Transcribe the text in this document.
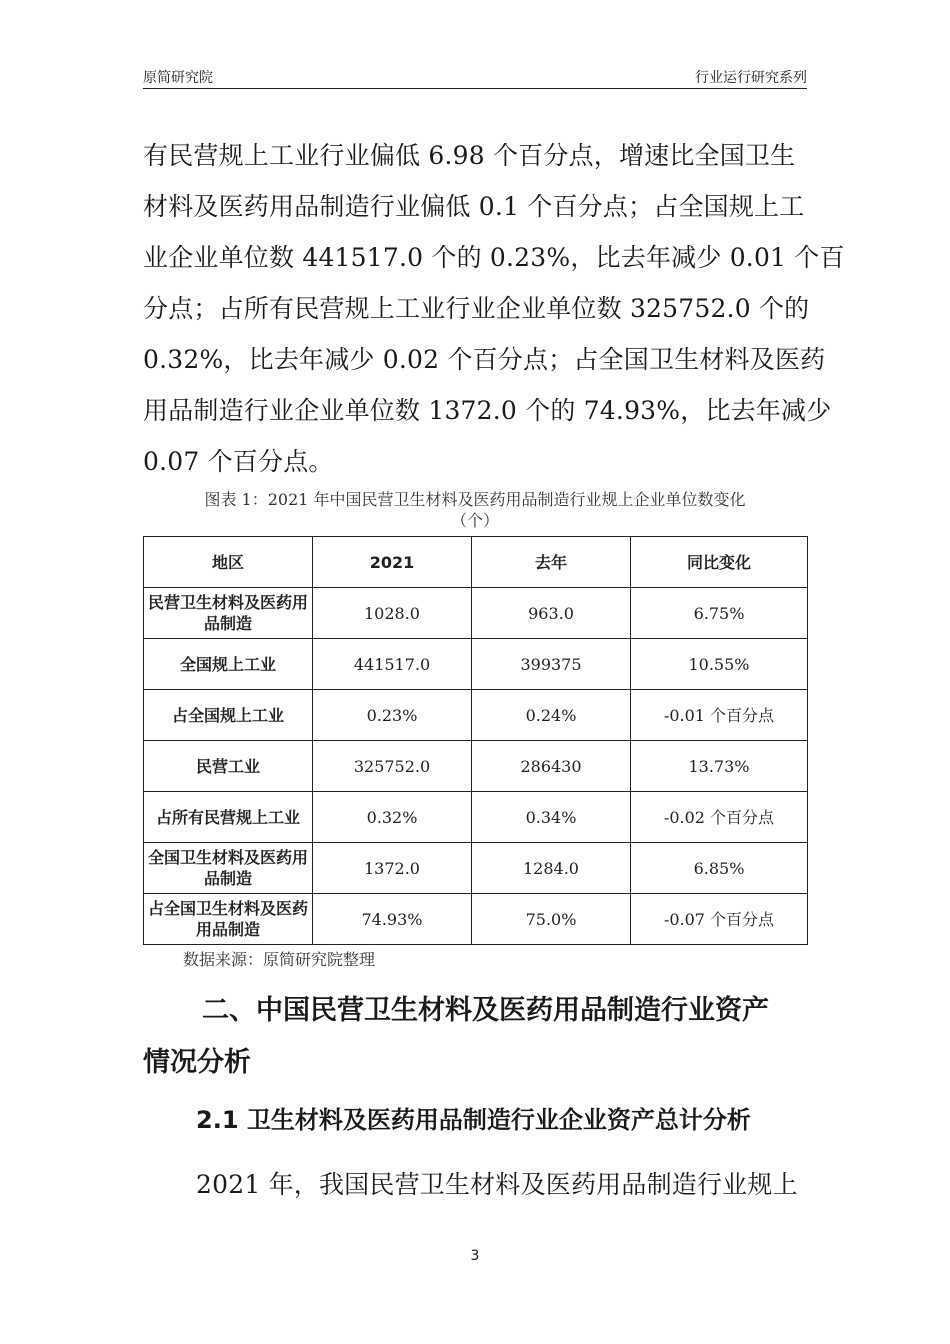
原简研究院	行业运行研究系列

有民营规上工业行业偏低 6.98 个百分点，增速比全国卫生

材料及医药用品制造行业偏低 0.1 个百分点；占全国规上工

业企业单位数 441517.0 个的 0.23%，比去年减少 0.01 个百

分点；占所有民营规上工业行业企业单位数 325752.0 个的

0.32%，比去年减少 0.02 个百分点；占全国卫生材料及医药

用品制造行业企业单位数 1372.0 个的 74.93%，比去年减少

0.07 个百分点。

图表 1：2021 年中国民营卫生材料及医药用品制造行业规上企业单位数变化

（个）

地区	2021	去年	同比变化
民营卫生材料及医药用品制造	1028.0	963.0	6.75%
全国规上工业	441517.0	399375	10.55%
占全国规上工业	0.23%	0.24%	-0.01 个百分点
民营工业	325752.0	286430	13.73%
占所有民营规上工业	0.32%	0.34%	-0.02 个百分点
全国卫生材料及医药用品制造	1372.0	1284.0	6.85%
占全国卫生材料及医药用品制造	74.93%	75.0%	-0.07 个百分点
数据来源：原简研究院整理

二、中国民营卫生材料及医药用品制造行业资产

情况分析

2.1 卫生材料及医药用品制造行业企业资产总计分析

2021 年，我国民营卫生材料及医药用品制造行业规上

3
